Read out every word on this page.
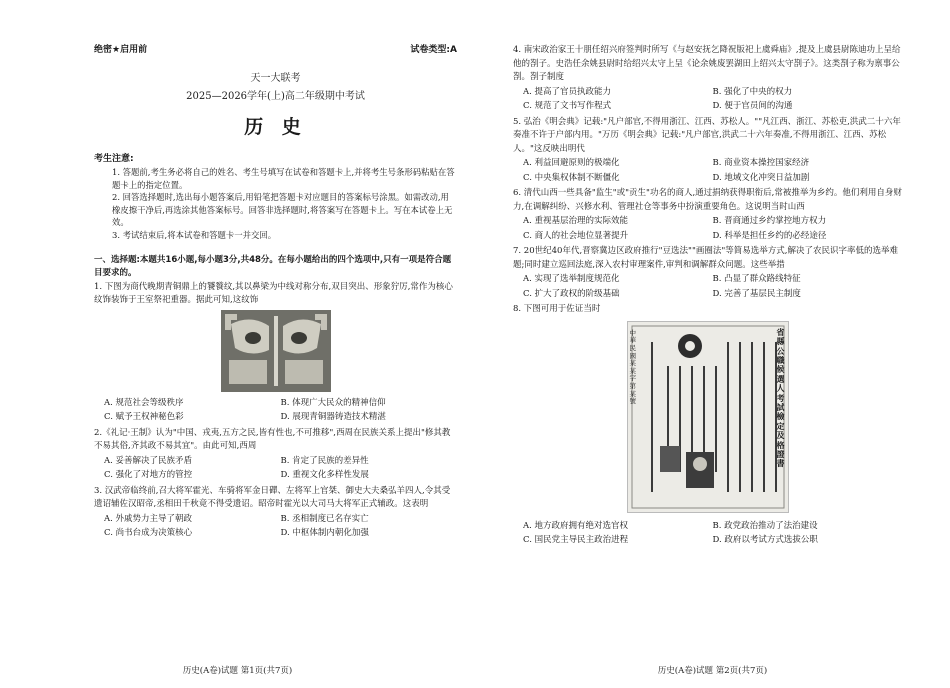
绝密★启用前	试卷类型:A
天一大联考
2025—2026学年(上)高二年级期中考试
历 史

考生注意:

1. 答题前,考生务必将自己的姓名、考生号填写在试卷和答题卡上,并将考生号条形码粘贴在答题卡上的指定位置。

2. 回答选择题时,选出每小题答案后,用铅笔把答题卡对应题目的答案标号涂黑。如需改动,用橡皮擦干净后,再选涂其他答案标号。回答非选择题时,将答案写在答题卡上。写在本试卷上无效。

3. 考试结束后,将本试卷和答题卡一并交回。

一、选择题:本题共16小题,每小题3分,共48分。在每小题给出的四个选项中,只有一项是符合题目要求的。
1. 下图为商代晚期青铜鼎上的饕餮纹,其以鼻梁为中线对称分布,双目突出、形象狞厉,常作为核心纹饰装饰于王室祭祀重器。据此可知,这纹饰
A. 规范社会等级秩序	B. 体现广大民众的精神信仰
C. 赋予王权神秘色彩	D. 展现青铜器铸造技术精湛
2.《礼记·王制》认为"中国、戎夷,五方之民,皆有性也,不可推移",西周在民族关系上提出"修其教不易其俗,齐其政不易其宜"。由此可知,西周
A. 妥善解决了民族矛盾	B. 肯定了民族的差异性
C. 强化了对地方的管控	D. 重视文化多样性发展
3. 汉武帝临终前,召大将军霍光、车骑将军金日磾、左将军上官桀、御史大夫桑弘羊四人,令其受遗诏辅佐汉昭帝,丞相田千秋竟不得受遗诏。昭帝时霍光以大司马大将军正式辅政。这表明
A. 外戚势力主导了朝政	B. 丞相制度已名存实亡
C. 尚书台成为决策核心	D. 中枢体制内朝化加强
历史(A卷)试题 第1页(共7页)
4. 南宋政治家王十朋任绍兴府签判时所写《与赵安抚乞降祝版祀上虞舜庙》,提及上虞县尉陈迪功上呈给他的剳子。史浩任余姚县尉时给绍兴太守上呈《论余姚废罢湖田上绍兴太守剳子》。这类剳子称为禀事公剳。剳子制度
A. 提高了官员执政能力	B. 强化了中央的权力
C. 规范了文书写作程式	D. 便于官员间的沟通
5. 弘治《明会典》记载:"凡户部官,不得用浙江、江西、苏松人。""凡江西、浙江、苏松吏,洪武二十六年奏准不许于户部内用。"万历《明会典》记载:"凡户部官,洪武二十六年奏准,不得用浙江、江西、苏松人。"这反映出明代
A. 利益回避原则的极端化	B. 商业资本操控国家经济
C. 中央集权体制不断僵化	D. 地域文化冲突日益加剧
6. 清代山西一些具备"监生"或"贡生"功名的商人,通过捐纳获得职衔后,常被推举为乡约。他们利用自身财力,在调解纠纷、兴修水利、管理社仓等事务中扮演重要角色。这说明当时山西
A. 重视基层治理的实际效能	B. 晋商通过乡约掌控地方权力
C. 商人的社会地位显著提升	D. 科举是担任乡约的必经途径
7. 20世纪40年代,晋察冀边区政府推行"豆选法""画圈法"等简易选举方式,解决了农民识字率低的选举难题;同时建立巡回法庭,深入农村审理案件,审判和调解群众问题。这些举措
A. 实现了选举制度规范化	B. 凸显了群众路线特征
C. 扩大了政权的阶级基础	D. 完善了基层民主制度
8. 下图可用于佐证当时
省縣公職候選人考試檢定及格證書
中華民國某某字第某號
A. 地方政府拥有绝对选官权	B. 政党政治推动了法治建设
C. 国民党主导民主政治进程	D. 政府以考试方式选拔公职
历史(A卷)试题 第2页(共7页)
